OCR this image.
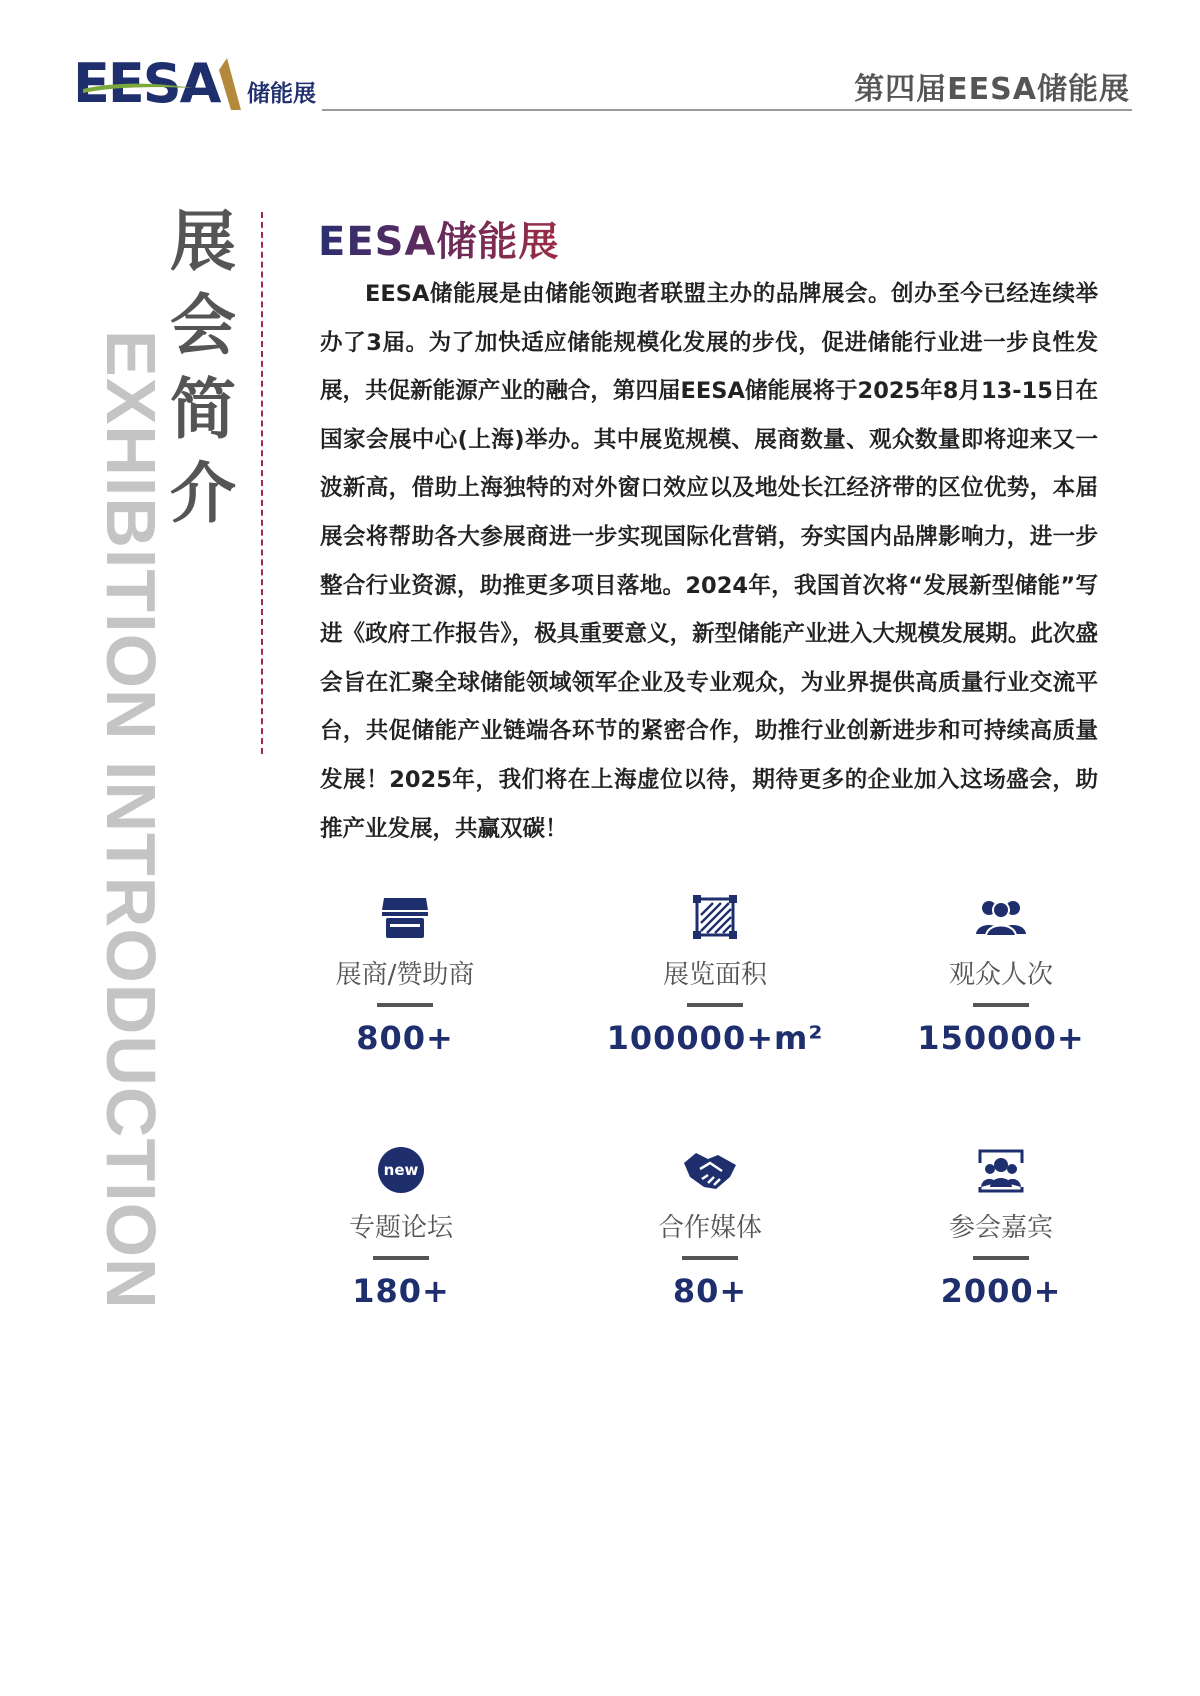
EESA 储能展	第四届EESA储能展
EXHIBITION INTRODUCTION
展
会
简
介
EESA储能展
EESA储能展是由储能领跑者联盟主办的品牌展会。创办至今已经连续举办了3届。为了加快适应储能规模化发展的步伐，促进储能行业进一步良性发展，共促新能源产业的融合，第四届EESA储能展将于2025年8月13-15日在国家会展中心(上海)举办。其中展览规模、展商数量、观众数量即将迎来又一波新高，借助上海独特的对外窗口效应以及地处长江经济带的区位优势，本届展会将帮助各大参展商进一步实现国际化营销，夯实国内品牌影响力，进一步整合行业资源，助推更多项目落地。2024年，我国首次将“发展新型储能”写进《政府工作报告》，极具重要意义，新型储能产业进入大规模发展期。此次盛会旨在汇聚全球储能领域领军企业及专业观众，为业界提供高质量行业交流平台，共促储能产业链端各环节的紧密合作，助推行业创新进步和可持续高质量发展！2025年，我们将在上海虚位以待，期待更多的企业加入这场盛会，助推产业发展，共赢双碳！
展商/赞助商
800+
展览面积
100000+m²
观众人次
150000+
new
专题论坛
180+
合作媒体
80+
参会嘉宾
2000+
